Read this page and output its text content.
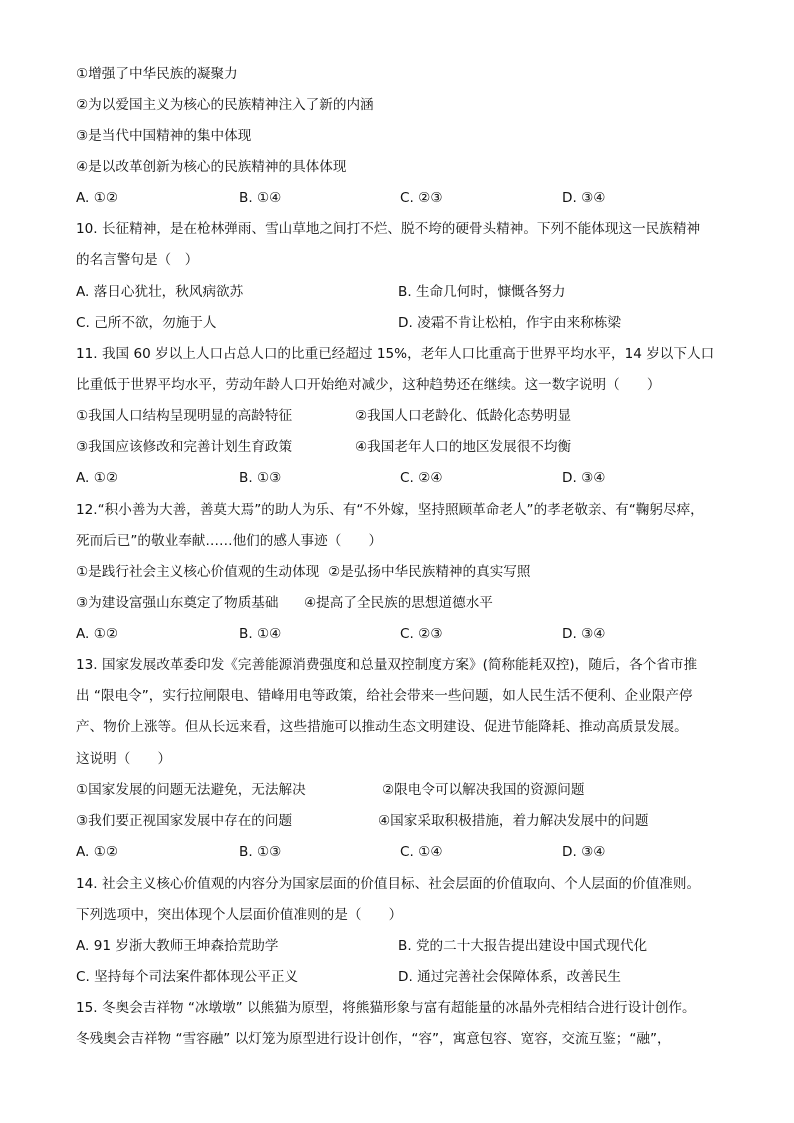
①增强了中华民族的凝聚力
②为以爱国主义为核心的民族精神注入了新的内涵
③是当代中国精神的集中体现
④是以改革创新为核心的民族精神的具体体现
A. ①②	B. ①④	C. ②③	D. ③④
10. 长征精神，是在枪林弹雨、雪山草地之间打不烂、脱不垮的硬骨头精神。下列不能体现这一民族精神
的名言警句是（　）
A. 落日心犹壮，秋风病欲苏	B. 生命几何时，慷慨各努力
C. 己所不欲，勿施于人	D. 凌霜不肯让松柏，作宇由来称栋梁
11. 我国 60 岁以上人口占总人口的比重已经超过 15%，老年人口比重高于世界平均水平，14 岁以下人口
比重低于世界平均水平，劳动年龄人口开始绝对减少，这种趋势还在继续。这一数字说明（　　）
①我国人口结构呈现明显的高龄特征	②我国人口老龄化、低龄化态势明显
③我国应该修改和完善计划生育政策	④我国老年人口的地区发展很不均衡
A. ①②	B. ①③	C. ②④	D. ③④
12.“积小善为大善，善莫大焉”的助人为乐、有“不外嫁，坚持照顾革命老人”的孝老敬亲、有“鞠躬尽瘁，
死而后已”的敬业奉献……他们的感人事迹（　　）
①是践行社会主义核心价值观的生动体现 ②是弘扬中华民族精神的真实写照
③为建设富强山东奠定了物质基础 ④提高了全民族的思想道德水平
A. ①②	B. ①④	C. ②③	D. ③④
13. 国家发展改革委印发《完善能源消费强度和总量双控制度方案》(简称能耗双控)，随后，各个省市推
出 “限电令”，实行拉闸限电、错峰用电等政策，给社会带来一些问题，如人民生活不便利、企业限产停
产、物价上涨等。但从长远来看，这些措施可以推动生态文明建设、促进节能降耗、推动高质景发展。
这说明（　　）
①国家发展的问题无法避免，无法解决	②限电令可以解决我国的资源问题
③我们要正视国家发展中存在的问题	④国家采取积极措施，着力解决发展中的问题
A. ①②	B. ①③	C. ①④	D. ③④
14. 社会主义核心价值观的内容分为国家层面的价值目标、社会层面的价值取向、个人层面的价值准则。
下列选项中，突出体现个人层面价值准则的是（　　）
A. 91 岁浙大教师王坤森拾荒助学	B. 党的二十大报告提出建设中国式现代化
C. 坚持每个司法案件都体现公平正义	D. 通过完善社会保障体系，改善民生
15. 冬奥会吉祥物 “冰墩墩” 以熊猫为原型，将熊猫形象与富有超能量的冰晶外壳相结合进行设计创作。
冬残奥会吉祥物 “雪容融” 以灯笼为原型进行设计创作，“容”，寓意包容、宽容，交流互鉴；“融”，
